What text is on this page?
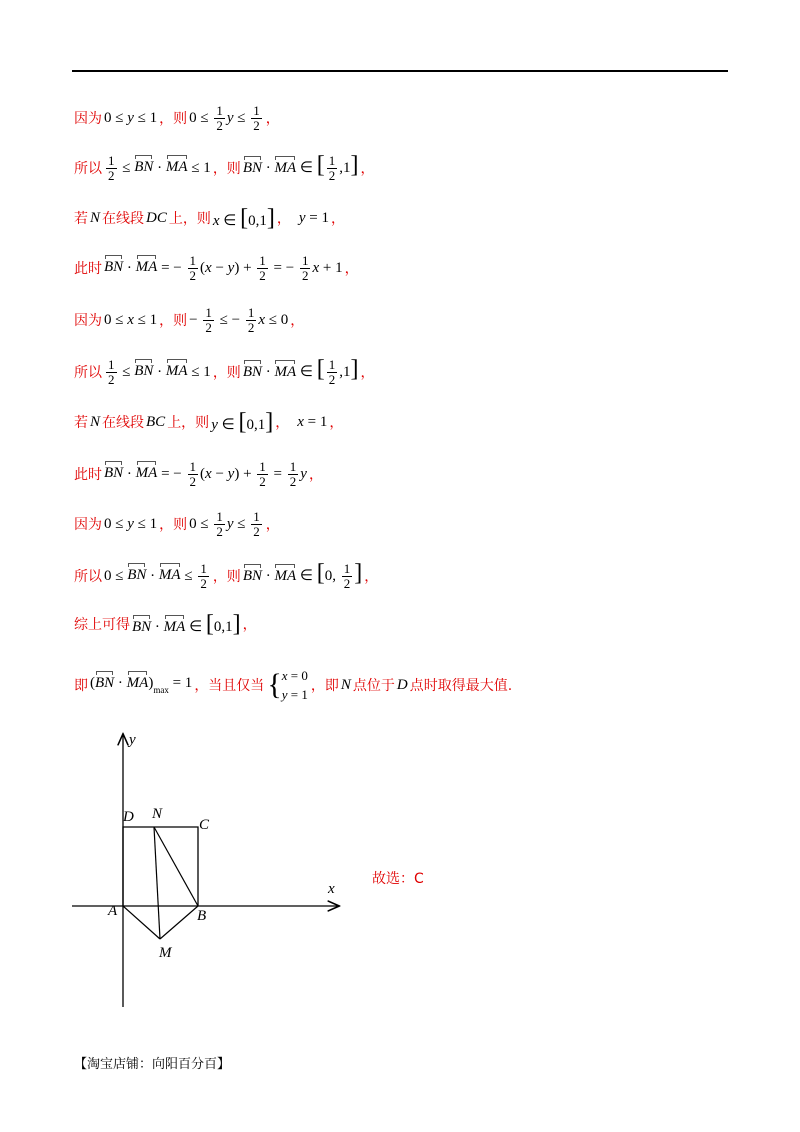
因为 0 ≤ y ≤ 1 ，则 $0 \le \frac{1}{2}$ $y \le \frac{1}{2}$ ，
所以 $\frac{1}{2}$ ≤ BN · MA ≤ 1 ，则 BN · MA ∈ [ $\frac{1}{2} ,1$] ，
若 N 在线段 DC 上，则 x ∈ [0,1] ， y = 1 ，
此时 BN · MA = − $\frac{1}{2} (x - y) + \frac{1}{2}$ = − $\frac{1}{2}$ x + 1 ，
因为 0 ≤ x ≤ 1 ，则 − $\frac{1}{2}$ ≤ − $\frac{1}{2}$ x ≤ 0 ，
所以 $\frac{1}{2}$ ≤ BN · MA ≤ 1 ，则 BN · MA ∈ [ $\frac{1}{2} ,1$] ，
若 N 在线段 BC 上，则 y ∈ [0,1] ， x = 1 ，
此时 BN · MA = − $\frac{1}{2} (x - y) + \frac{1}{2} = \frac{1}{2}$ y ，
因为 0 ≤ y ≤ 1 ，则 $0 \le \frac{1}{2}$ $y \le \frac{1}{2}$ ，
所以 0 ≤ BN · MA ≤ $\frac{1}{2}$ ，则 BN · MA ∈ [0, $\frac{1}{2}$ ] ，
综上可得 BN · MA ∈ [0,1] ，
即 $(BN \cdot MA)_{max} = 1$ ，当且仅当 { x = 0
y = 1
，即 N 点位于 D 点时取得最大值.
y
x
D N
C
A	B
M
故选：C
【淘宝店铺：向阳百分百】
